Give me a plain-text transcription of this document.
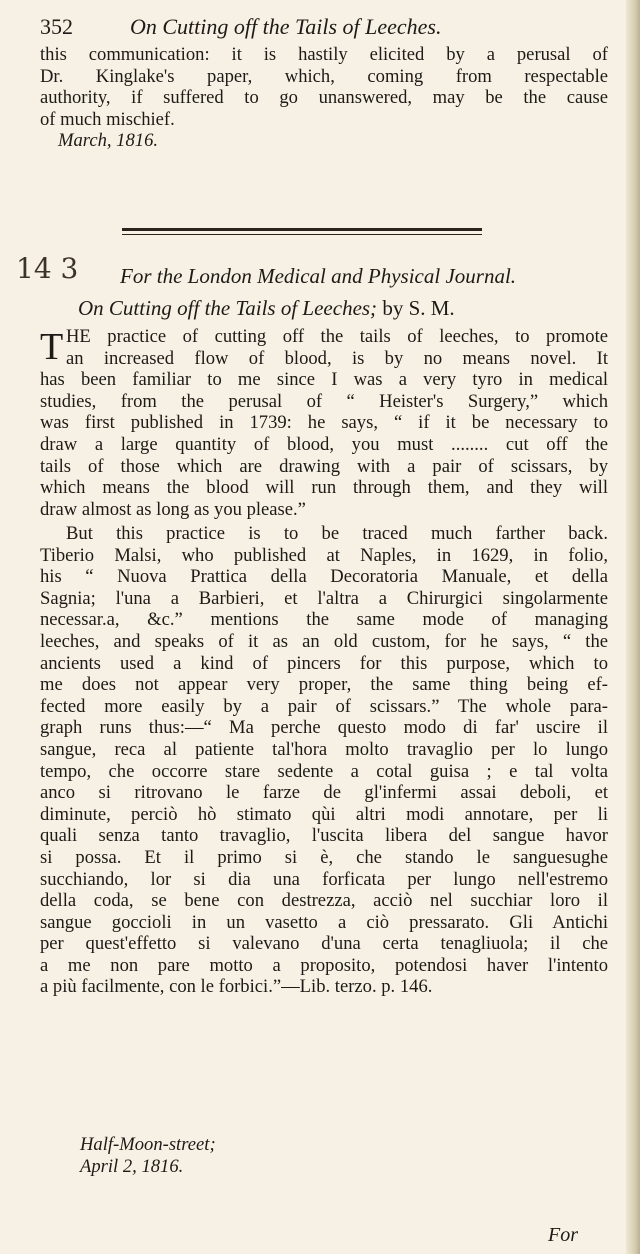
352	On Cutting off the Tails of Leeches.
this communication: it is hastily elicited by a perusal of
Dr. Kinglake's paper, which, coming from respectable
authority, if suffered to go unanswered, may be the cause
of much mischief.
March, 1816.
14 3	For the London Medical and Physical Journal.
On Cutting off the Tails of Leeches; by S. M.
T HE practice of cutting off the tails of leeches, to promote
an increased flow of blood, is by no means novel. It
has been familiar to me since I was a very tyro in medical
studies, from the perusal of “ Heister's Surgery,” which
was first published in 1739: he says, “ if it be necessary to
draw a large quantity of blood, you must ........ cut off the
tails of those which are drawing with a pair of scissars, by
which means the blood will run through them, and they will
draw almost as long as you please.”
But this practice is to be traced much farther back.
Tiberio Malsi, who published at Naples, in 1629, in folio,
his “ Nuova Prattica della Decoratoria Manuale, et della
Sagnia; l'una a Barbieri, et l'altra a Chirurgici singolarmente
necessar.a, &c.” mentions the same mode of managing
leeches, and speaks of it as an old custom, for he says, “ the
ancients used a kind of pincers for this purpose, which to
me does not appear very proper, the same thing being ef-
fected more easily by a pair of scissars.” The whole para-
graph runs thus:—“ Ma perche questo modo di far' uscire il
sangue, reca al patiente tal'hora molto travaglio per lo lungo
tempo, che occorre stare sedente a cotal guisa ; e tal volta
anco si ritrovano le farze de gl'infermi assai deboli, et
diminute, perciò hò stimato qùi altri modi annotare, per li
quali senza tanto travaglio, l'uscita libera del sangue havor
si possa. Et il primo si è, che stando le sanguesughe
succhiando, lor si dia una forficata per lungo nell'estremo
della coda, se bene con destrezza, acciò nel succhiar loro il
sangue goccioli in un vasetto a ciò pressarato. Gli Antichi
per quest'effetto si valevano d'una certa tenagliuola; il che
a me non pare motto a proposito, potendosi haver l'intento
a più facilmente, con le forbici.”—Lib. terzo. p. 146.
Half-Moon-street;
April 2, 1816.
For
